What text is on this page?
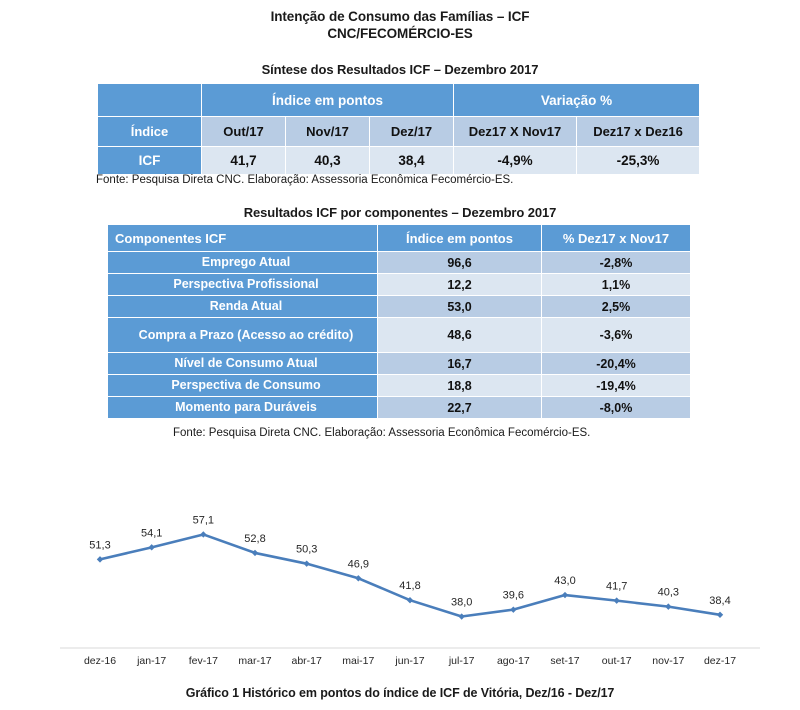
Intenção de Consumo das Famílias – ICF
CNC/FECOMÉRCIO-ES
Síntese dos Resultados ICF – Dezembro 2017
	Índice em pontos			Variação %	
Índice	Out/17	Nov/17	Dez/17	Dez17 X Nov17	Dez17 x Dez16
ICF	41,7	40,3	38,4	-4,9%	-25,3%
Fonte: Pesquisa Direta CNC. Elaboração: Assessoria Econômica Fecomércio-ES.
Resultados ICF por componentes – Dezembro 2017
Componentes ICF	Índice em pontos	% Dez17 x Nov17
Emprego Atual	96,6	-2,8%
Perspectiva Profissional	12,2	1,1%
Renda Atual	53,0	2,5%
Compra a Prazo (Acesso ao crédito)	48,6	-3,6%
Nível de Consumo Atual	16,7	-20,4%
Perspectiva de Consumo	18,8	-19,4%
Momento para Duráveis	22,7	-8,0%
Fonte: Pesquisa Direta CNC. Elaboração: Assessoria Econômica Fecomércio-ES.
51,3
54,1
57,1
52,8
50,3
46,9
41,8
38,0
39,6
43,0	41,7
40,3
38,4
dez-16 jan-17 fev-17 mar-17 abr-17 mai-17 jun-17 jul-17 ago-17 set-17 out-17 nov-17 dez-17
Gráfico 1 Histórico em pontos do índice de ICF de Vitória, Dez/16 - Dez/17
